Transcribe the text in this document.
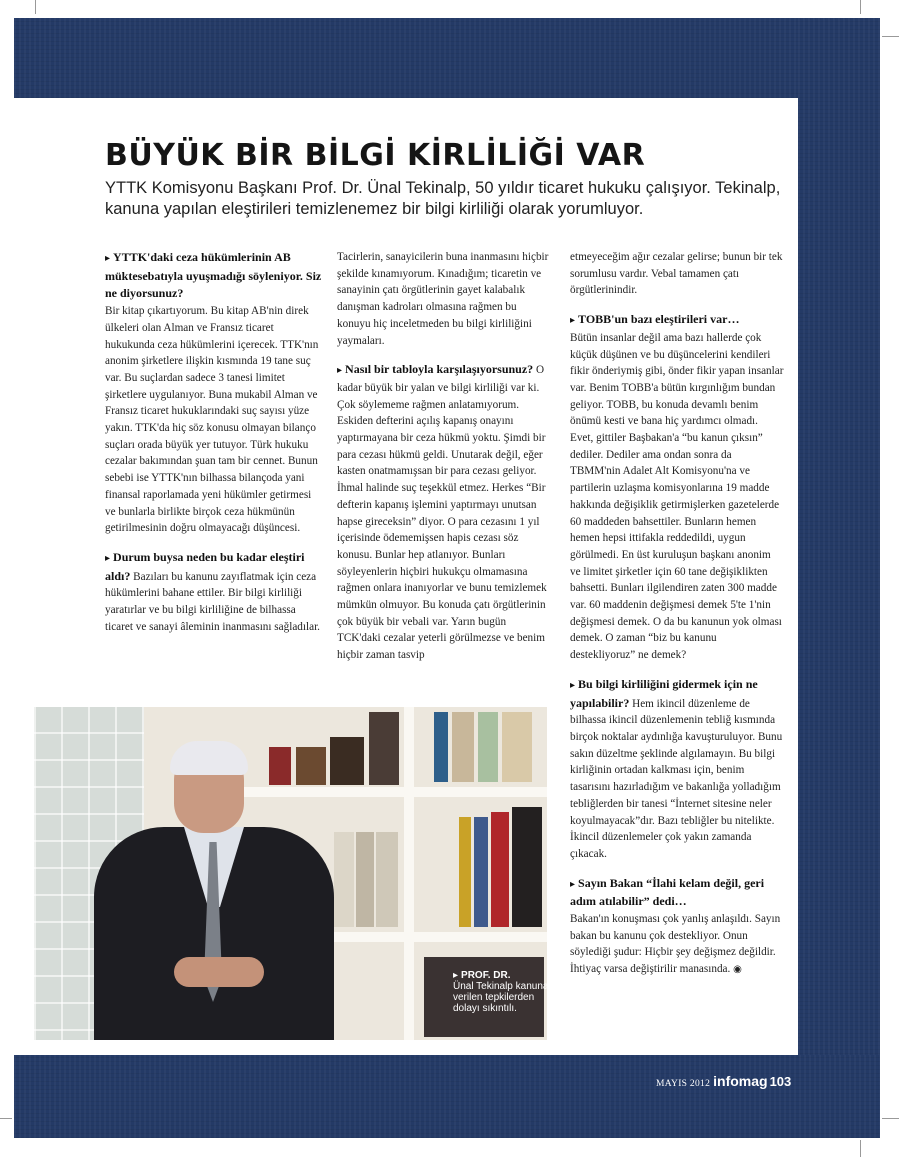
BÜYÜK BİR BİLGİ KİRLİLİĞİ VAR

YTTK Komisyonu Başkanı Prof. Dr. Ünal Tekinalp, 50 yıldır ticaret hukuku çalışıyor. Tekinalp, kanuna yapılan eleştirileri temizlenemez bir bilgi kirliliği olarak yorumluyor.

▸ YTTK'daki ceza hükümlerinin AB müktesebatıyla uyuşmadığı söyleniyor. Siz ne diyorsunuz?

Bir kitap çıkartıyorum. Bu kitap AB'nin direk ülkeleri olan Alman ve Fransız ticaret hukukunda ceza hükümlerini içerecek. TTK'nın anonim şirketlere ilişkin kısmında 19 tane suç var. Bu suçlardan sadece 3 tanesi limitet şirketlere uygulanıyor. Buna mukabil Alman ve Fransız ticaret hukuklarındaki suç sayısı yüze yakın. TTK'da hiç söz konusu olmayan bilanço suçları orada büyük yer tutuyor. Türk hukuku cezalar bakımından şuan tam bir cennet. Bunun sebebi ise YTTK'nın bilhassa bilançoda yani finansal raporlamada yeni hükümler getirmesi ve bunlarla birlikte birçok ceza hükmünün getirilmesinin doğru olmayacağı düşüncesi.

▸ Durum buysa neden bu kadar eleştiri aldı? Bazıları bu kanunu zayıflatmak için ceza hükümlerini bahane ettiler. Bir bilgi kirliliği yaratırlar ve bu bilgi kirliliğine de bilhassa ticaret ve sanayi âleminin inanmasını sağladılar.

Tacirlerin, sanayicilerin buna inanmasını hiçbir şekilde kınamıyorum. Kınadığım; ticaretin ve sanayinin çatı örgütlerinin gayet kalabalık danışman kadroları olmasına rağmen bu konuyu hiç inceletmeden bu bilgi kirliliğini yaymaları.

▸ Nasıl bir tabloyla karşılaşıyorsunuz? O kadar büyük bir yalan ve bilgi kirliliği var ki. Çok söylememe rağmen anlatamıyorum. Eskiden defterini açılış kapanış onayını yaptırmayana bir ceza hükmü yoktu. Şimdi bir para cezası hükmü geldi. Unutarak değil, eğer kasten onatmamışsan bir para cezası geliyor. İhmal halinde suç teşekkül etmez. Herkes “Bir defterin kapanış işlemini yaptırmayı unutsan hapse gireceksin” diyor. O para cezasını 1 yıl içerisinde ödememişsen hapis cezası söz konusu. Bunlar hep atlanıyor. Bunları söyleyenlerin hiçbiri hukukçu olmamasına rağmen onlara inanıyorlar ve bunu temizlemek mümkün olmuyor. Bu konuda çatı örgütlerinin çok büyük bir vebali var. Yarın bugün TCK'daki cezalar yeterli görülmezse ve benim hiçbir zaman tasvip

etmeyeceğim ağır cezalar gelirse; bunun bir tek sorumlusu vardır. Vebal tamamen çatı örgütlerinindir.

▸ TOBB'un bazı eleştirileri var…

Bütün insanlar değil ama bazı hallerde çok küçük düşünen ve bu düşüncelerini kendileri fikir önderiymiş gibi, önder fikir yapan insanlar var. Benim TOBB'a bütün kırgınlığım bundan geliyor. TOBB, bu konuda devamlı benim önümü kesti ve bana hiç yardımcı olmadı. Evet, gittiler Başbakan'a “bu kanun çıksın” dediler. Dediler ama ondan sonra da TBMM'nin Adalet Alt Komisyonu'na ve partilerin uzlaşma komisyonlarına 19 madde hakkında değişiklik getirmişlerken gazetelerde 60 maddeden bahsettiler. Bunların hemen hemen hepsi ittifakla reddedildi, uygun görülmedi. En üst kuruluşun başkanı anonim ve limitet şirketler için 60 tane değişiklikten bahsetti. Bunları ilgilendiren zaten 300 madde var. 60 maddenin değişmesi demek 5'te 1'nin değişmesi demek. O da bu kanunun yok olması demek. O zaman “biz bu kanunu destekliyoruz” ne demek?

▸ Bu bilgi kirliliğini gidermek için ne yapılabilir? Hem ikincil düzenleme de bilhassa ikincil düzenlemenin tebliğ kısmında birçok noktalar aydınlığa kavuşturuluyor. Bunu sakın düzeltme şeklinde algılamayın. Bu bilgi kirliğinin ortadan kalkması için, benim tasarısını hazırladığım ve bakanlığa yolladığım tebliğlerden bir tanesi “İnternet sitesine neler koyulmayacak”dır. Bazı tebliğler bu nitelikte. İkincil düzenlemeler çok yakın zamanda çıkacak.

▸ Sayın Bakan “İlahi kelam değil, geri adım atılabilir” dedi…

Bakan'ın konuşması çok yanlış anlaşıldı. Sayın bakan bu kanunu çok destekliyor. Onun söylediği şudur: Hiçbir şey değişmez değildir. İhtiyaç varsa değiştirilir manasında. ◉

▸ PROF. DR.
Ünal Tekinalp kanuna verilen tepkilerden dolayı sıkıntılı.
MAYIS 2012 infomag 103
